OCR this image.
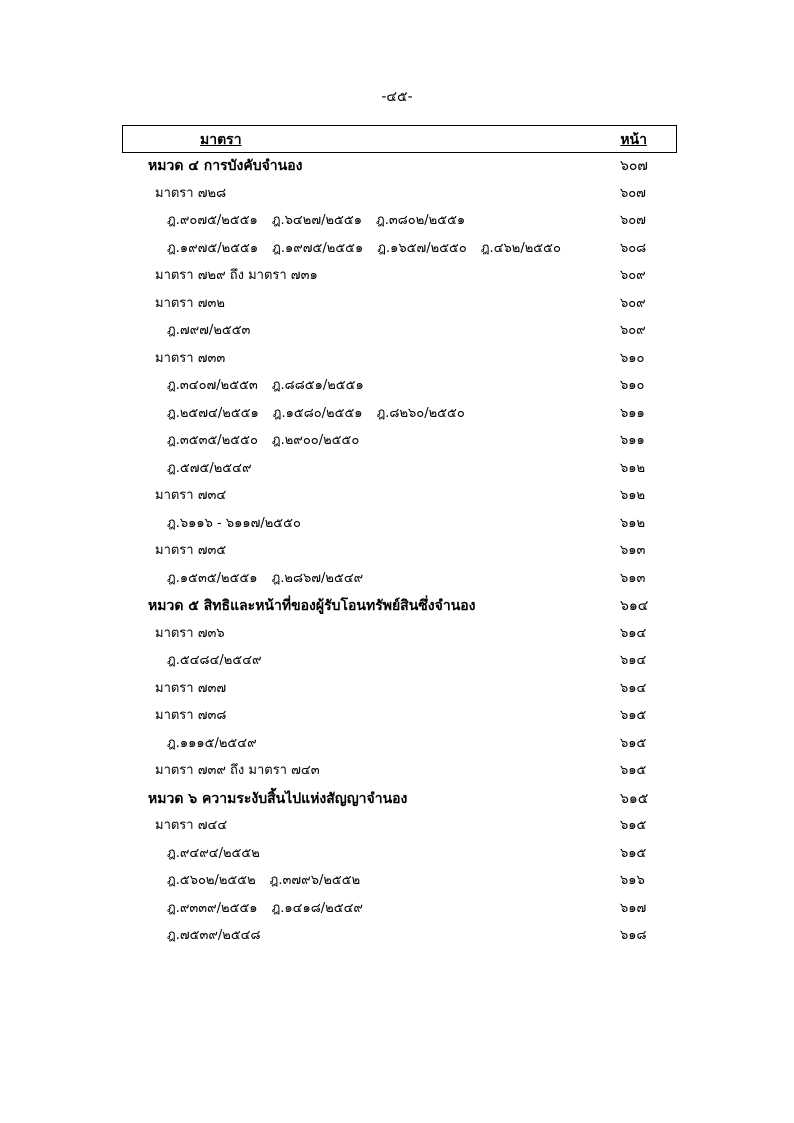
-๔๕-
มาตรา	หน้า
หมวด ๔ การบังคับจำนอง	๖๐๗
มาตรา ๗๒๘	๖๐๗
ฎ.๙๐๗๕/๒๕๕๑ ฎ.๖๔๒๗/๒๕๕๑ ฎ.๓๘๐๒/๒๕๕๑	๖๐๗
ฎ.๑๙๗๕/๒๕๕๑ ฎ.๑๙๗๕/๒๕๕๑ ฎ.๑๖๕๗/๒๕๕๐ ฎ.๔๖๒/๒๕๕๐	๖๐๘
มาตรา ๗๒๙ ถึง มาตรา ๗๓๑	๖๐๙
มาตรา ๗๓๒	๖๐๙
ฎ.๗๙๗/๒๕๕๓	๖๐๙
มาตรา ๗๓๓	๖๑๐
ฎ.๓๔๐๗/๒๕๕๓ ฎ.๘๘๕๑/๒๕๕๑	๖๑๐
ฎ.๒๕๗๔/๒๕๕๑ ฎ.๑๕๘๐/๒๕๕๑ ฎ.๘๒๖๐/๒๕๕๐	๖๑๑
ฎ.๓๕๓๕/๒๕๕๐ ฎ.๒๙๐๐/๒๕๕๐	๖๑๑
ฎ.๕๗๕/๒๕๔๙	๖๑๒
มาตรา ๗๓๔	๖๑๒
ฎ.๖๑๑๖ - ๖๑๑๗/๒๕๕๐	๖๑๒
มาตรา ๗๓๕	๖๑๓
ฎ.๑๕๓๕/๒๕๕๑ ฎ.๒๘๖๗/๒๕๔๙	๖๑๓
หมวด ๕ สิทธิและหน้าที่ของผู้รับโอนทรัพย์สินซึ่งจำนอง	๖๑๔
มาตรา ๗๓๖	๖๑๔
ฎ.๕๔๘๔/๒๕๔๙	๖๑๔
มาตรา ๗๓๗	๖๑๔
มาตรา ๗๓๘	๖๑๕
ฎ.๑๑๑๕/๒๕๔๙	๖๑๕
มาตรา ๗๓๙ ถึง มาตรา ๗๔๓	๖๑๕
หมวด ๖ ความระงับสิ้นไปแห่งสัญญาจำนอง	๖๑๕
มาตรา ๗๔๔	๖๑๕
ฎ.๙๔๙๔/๒๕๕๒	๖๑๕
ฎ.๕๖๐๒/๒๕๕๒ ฎ.๓๗๙๖/๒๕๕๒	๖๑๖
ฎ.๙๓๓๙/๒๕๕๑ ฎ.๑๔๑๘/๒๕๔๙	๖๑๗
ฎ.๗๕๓๙/๒๕๔๘	๖๑๘
